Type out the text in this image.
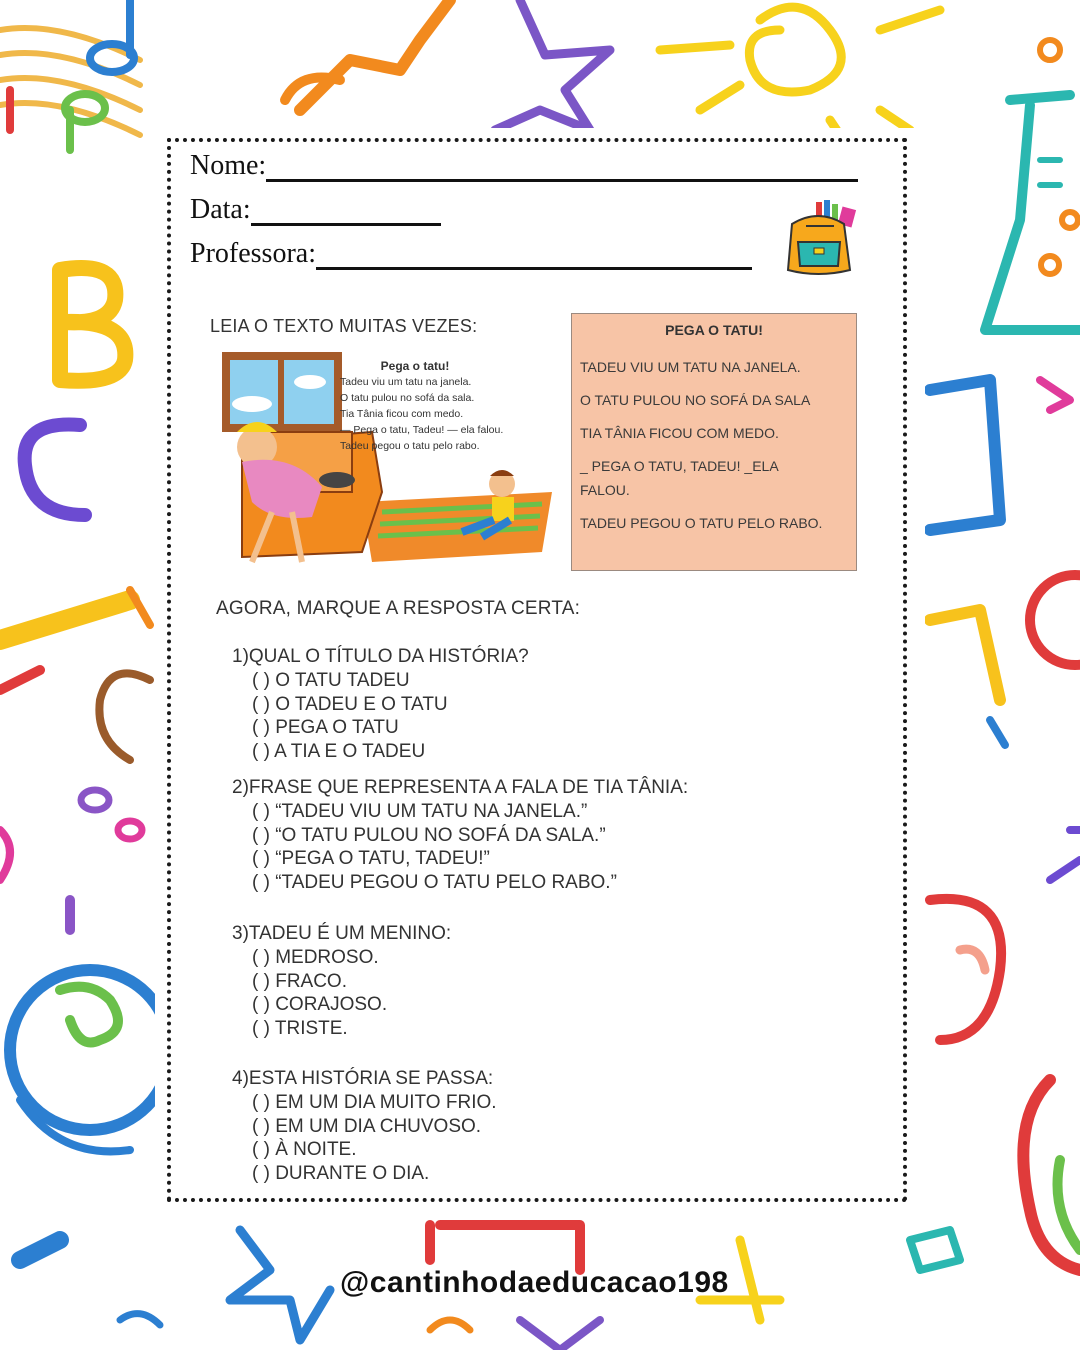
Nome:
Data:
Professora:
LEIA O TEXTO MUITAS VEZES:
Pega o tatu!
Tadeu viu um tatu na janela.
O tatu pulou no sofá da sala.
Tia Tânia ficou com medo.
— Pega o tatu, Tadeu! — ela falou.
Tadeu pegou o tatu pelo rabo.
PEGA O TATU!

TADEU VIU UM TATU NA JANELA.

O TATU PULOU NO SOFÁ DA SALA

TIA TÂNIA FICOU COM MEDO.

_ PEGA O TATU, TADEU! _ELA FALOU.

TADEU PEGOU O TATU PELO RABO.

AGORA, MARQUE A RESPOSTA CERTA:
1)QUAL O TÍTULO DA HISTÓRIA?
( ) O TATU TADEU
( ) O TADEU E O TATU
( ) PEGA O TATU
( ) A TIA E O TADEU
2)FRASE QUE REPRESENTA A FALA DE TIA TÂNIA:
( ) “TADEU VIU UM TATU NA JANELA.”
( ) “O TATU PULOU NO SOFÁ DA SALA.”
( ) “PEGA O TATU, TADEU!”
( ) “TADEU PEGOU O TATU PELO RABO.”
3)TADEU É UM MENINO:
( ) MEDROSO.
( ) FRACO.
( ) CORAJOSO.
( ) TRISTE.
4)ESTA HISTÓRIA SE PASSA:
( ) EM UM DIA MUITO FRIO.
( ) EM UM DIA CHUVOSO.
( ) À NOITE.
( ) DURANTE O DIA.
@cantinhodaeducacao198
